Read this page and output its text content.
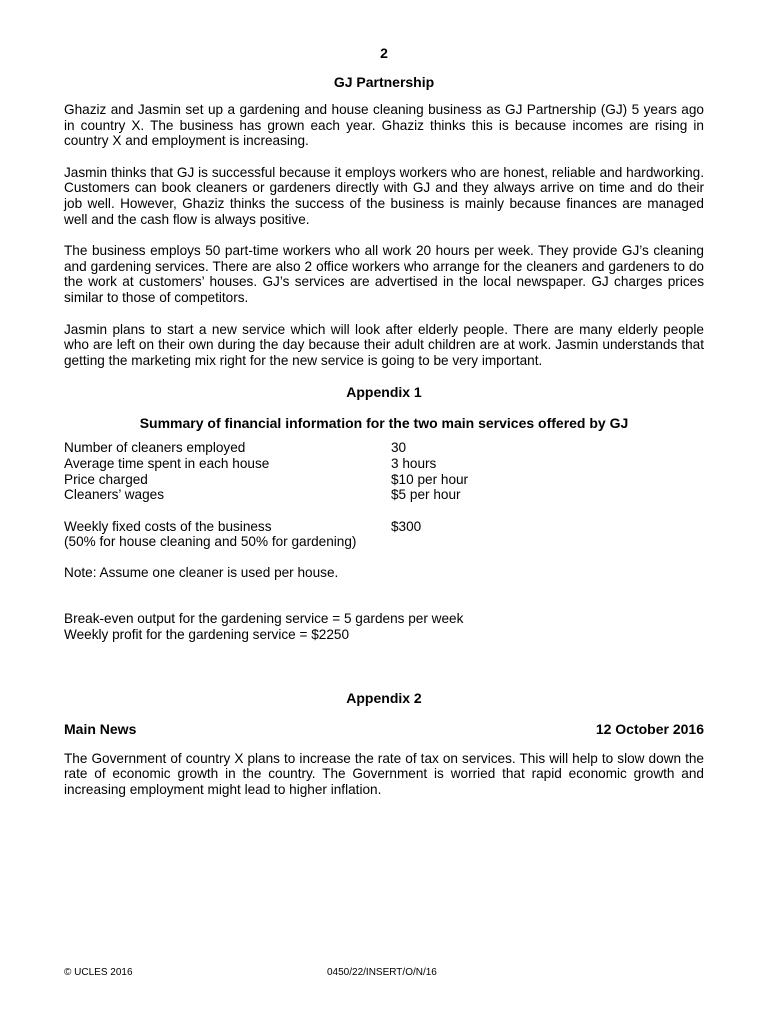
2

GJ Partnership

Ghaziz and Jasmin set up a gardening and house cleaning business as GJ Partnership (GJ) 5 years ago in country X. The business has grown each year. Ghaziz thinks this is because incomes are rising in country X and employment is increasing.

Jasmin thinks that GJ is successful because it employs workers who are honest, reliable and hardworking. Customers can book cleaners or gardeners directly with GJ and they always arrive on time and do their job well. However, Ghaziz thinks the success of the business is mainly because finances are managed well and the cash flow is always positive.

The business employs 50 part-time workers who all work 20 hours per week. They provide GJ’s cleaning and gardening services. There are also 2 office workers who arrange for the cleaners and gardeners to do the work at customers’ houses. GJ’s services are advertised in the local newspaper. GJ charges prices similar to those of competitors.

Jasmin plans to start a new service which will look after elderly people. There are many elderly people who are left on their own during the day because their adult children are at work. Jasmin understands that getting the marketing mix right for the new service is going to be very important.

Appendix 1

Summary of financial information for the two main services offered by GJ

Number of cleaners employed	30
Average time spent in each house	3 hours
Price charged	$10 per hour
Cleaners’ wages	$5 per hour
Weekly fixed costs of the business	$300
(50% for house cleaning and 50% for gardening)

Note: Assume one cleaner is used per house.

Break-even output for the gardening service = 5 gardens per week

Weekly profit for the gardening service = $2250

Appendix 2

Main News	12 October 2016

The Government of country X plans to increase the rate of tax on services. This will help to slow down the rate of economic growth in the country. The Government is worried that rapid economic growth and increasing employment might lead to higher inflation.

© UCLES 2016	0450/22/INSERT/O/N/16
